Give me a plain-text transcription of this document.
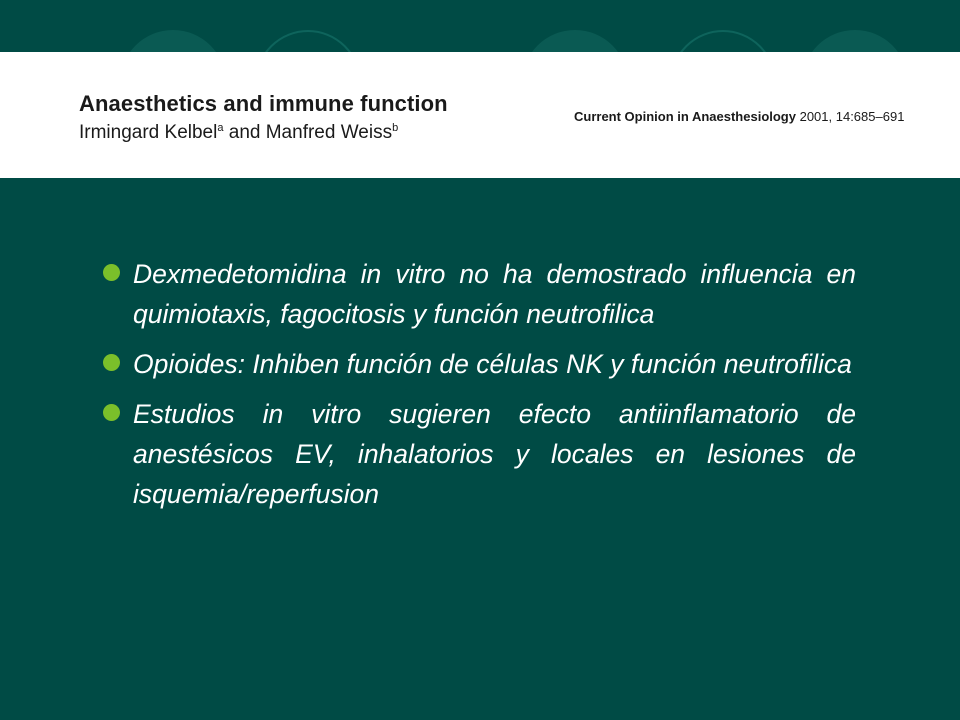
Anaesthetics and immune function

Irmingard Kelbel$^a$ and Manfred Weiss$^b$

Current Opinion in Anaesthesiology 2001, 14:685–691
Dexmedetomidina in vitro no ha demostrado influencia en quimiotaxis, fagocitosis y función neutrofilica
Opioides: Inhiben función de células NK y función neutrofilica
Estudios in vitro sugieren efecto antiinflamatorio de anestésicos EV, inhalatorios y locales en lesiones de isquemia/reperfusion
